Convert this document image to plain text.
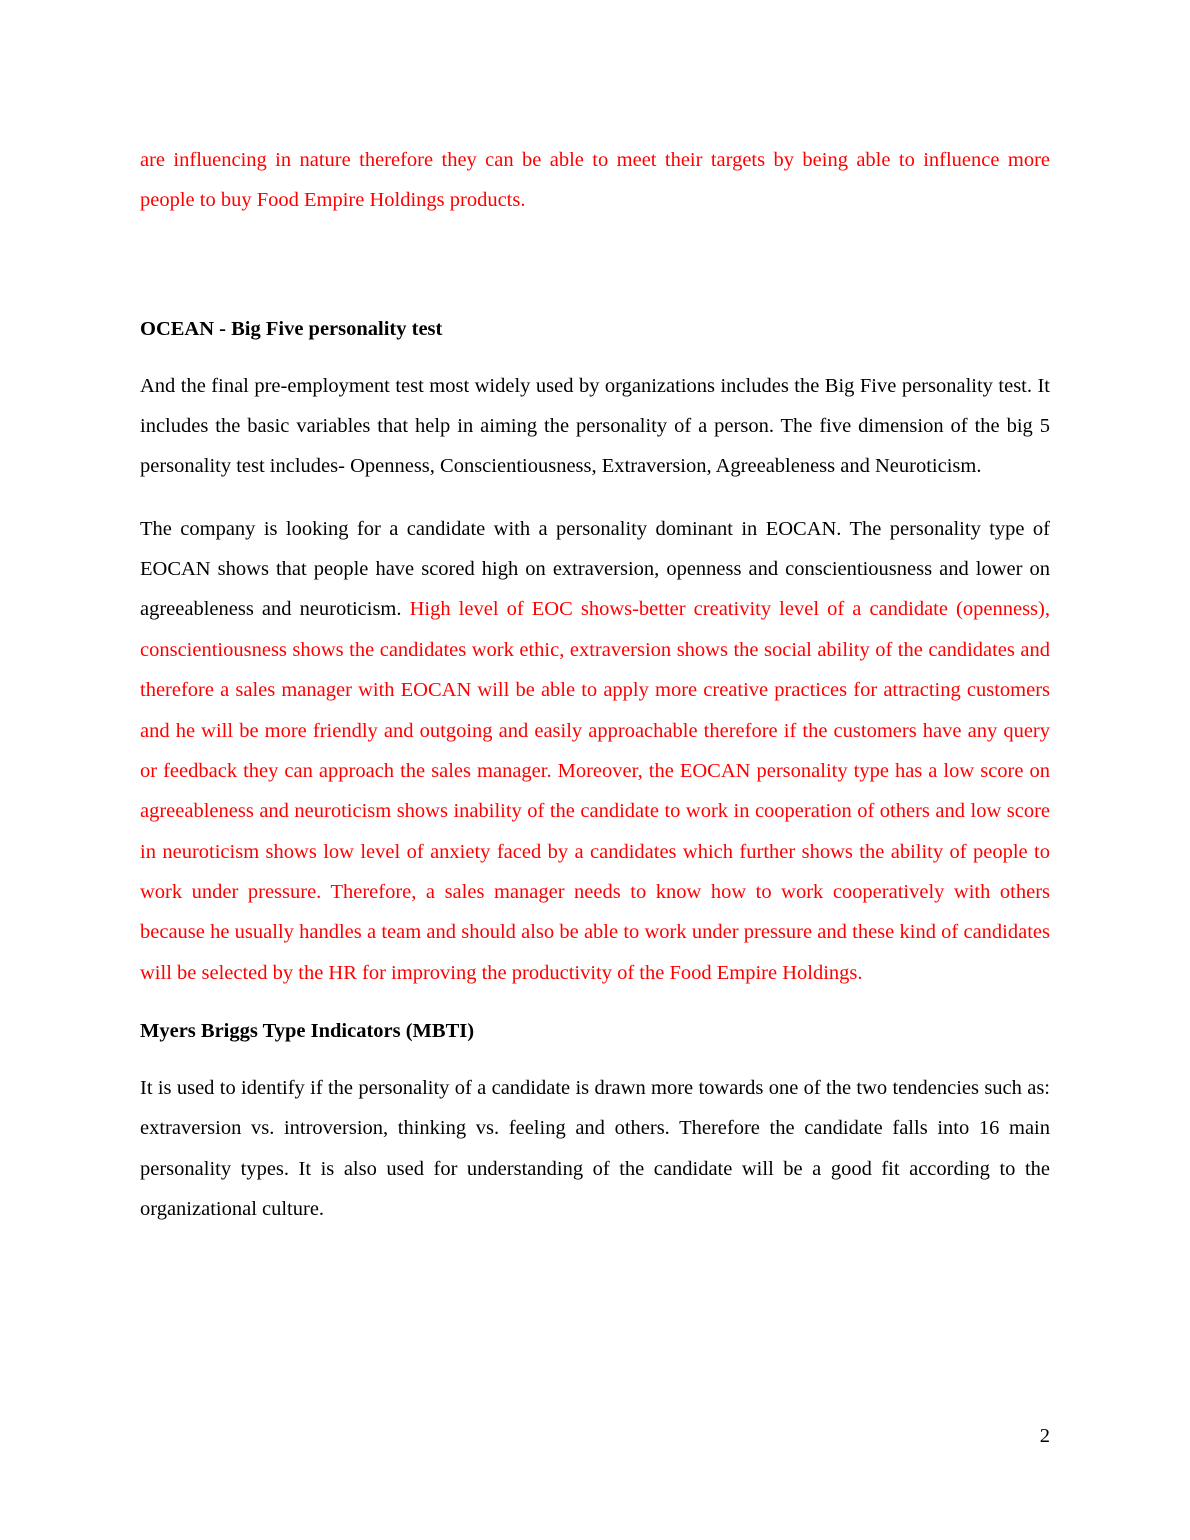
are influencing in nature therefore they can be able to meet their targets by being able to influence more people to buy Food Empire Holdings products.

OCEAN - Big Five personality test

And the final pre-employment test most widely used by organizations includes the Big Five personality test. It includes the basic variables that help in aiming the personality of a person. The five dimension of the big 5 personality test includes- Openness, Conscientiousness, Extraversion, Agreeableness and Neuroticism.

The company is looking for a candidate with a personality dominant in EOCAN. The personality type of EOCAN shows that people have scored high on extraversion, openness and conscientiousness and lower on agreeableness and neuroticism. High level of EOC shows-better creativity level of a candidate (openness), conscientiousness shows the candidates work ethic, extraversion shows the social ability of the candidates and therefore a sales manager with EOCAN will be able to apply more creative practices for attracting customers and he will be more friendly and outgoing and easily approachable therefore if the customers have any query or feedback they can approach the sales manager. Moreover, the EOCAN personality type has a low score on agreeableness and neuroticism shows inability of the candidate to work in cooperation of others and low score in neuroticism shows low level of anxiety faced by a candidates which further shows the ability of people to work under pressure. Therefore, a sales manager needs to know how to work cooperatively with others because he usually handles a team and should also be able to work under pressure and these kind of candidates will be selected by the HR for improving the productivity of the Food Empire Holdings.

Myers Briggs Type Indicators (MBTI)

It is used to identify if the personality of a candidate is drawn more towards one of the two tendencies such as: extraversion vs. introversion, thinking vs. feeling and others. Therefore the candidate falls into 16 main personality types. It is also used for understanding of the candidate will be a good fit according to the organizational culture.

2
